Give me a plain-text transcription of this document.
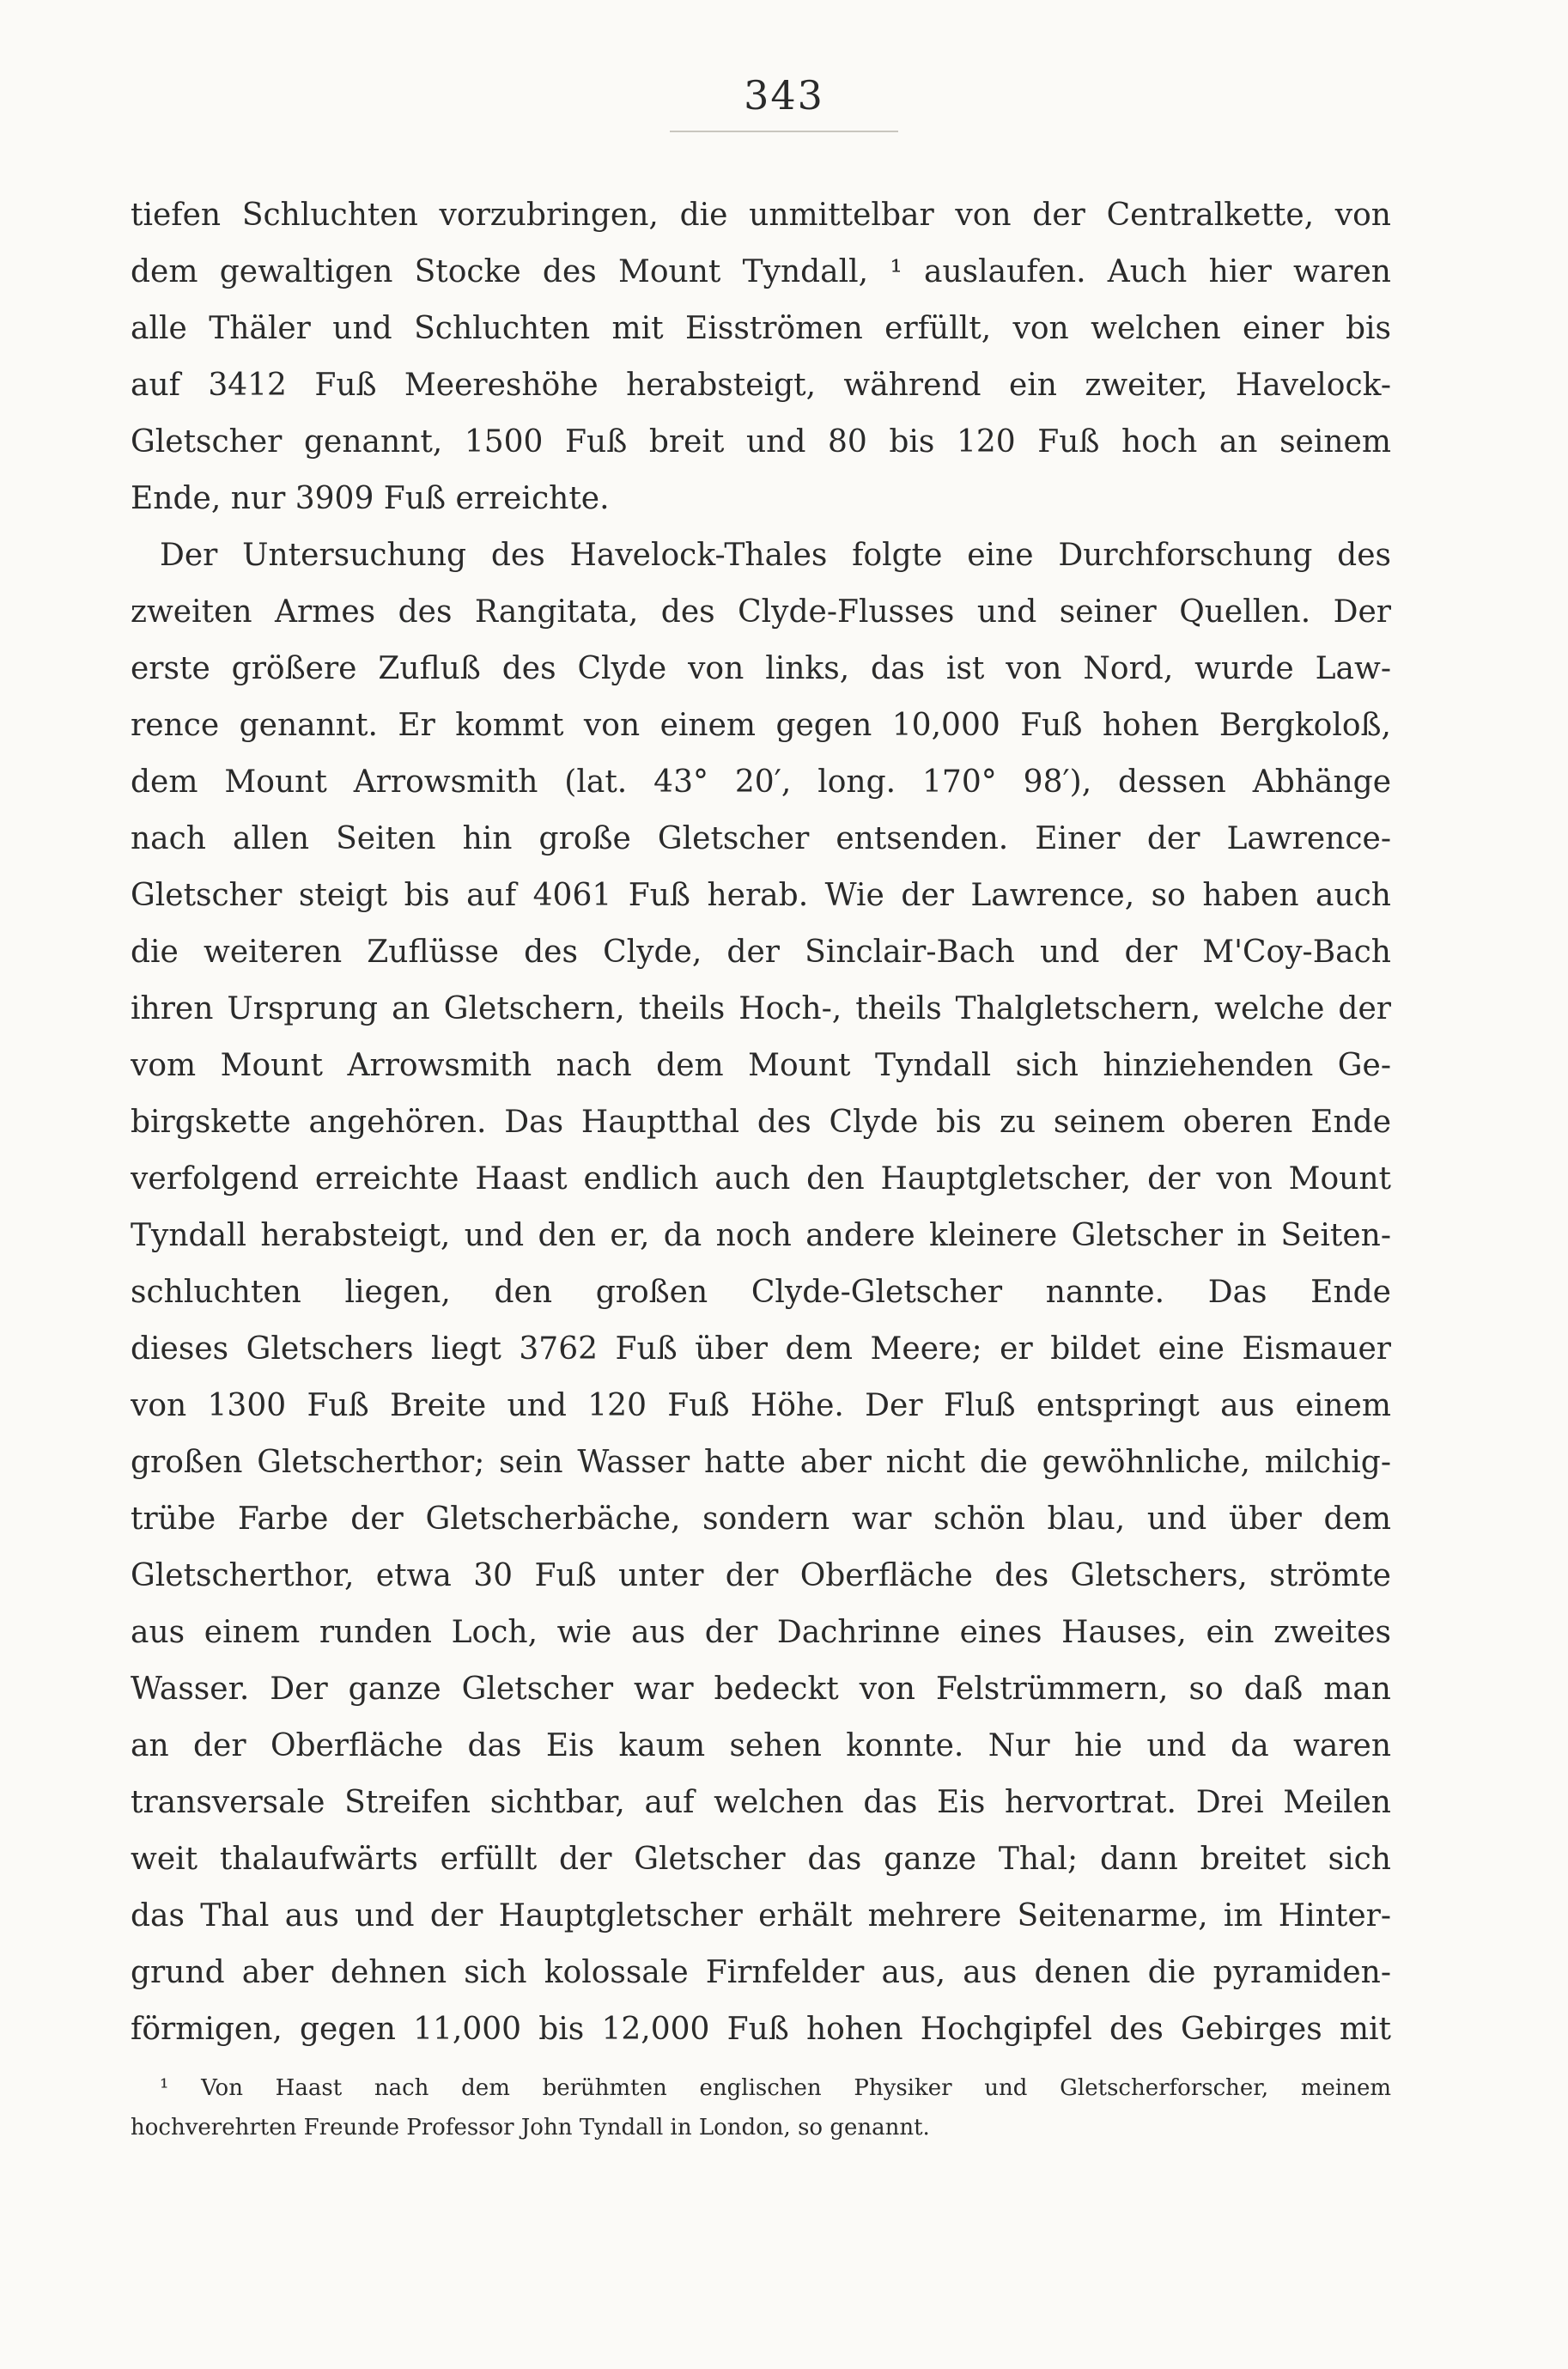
343
tiefen Schluchten vorzubringen, die unmittelbar von der Centralkette, von
dem gewaltigen Stocke des Mount Tyndall, ¹ auslaufen. Auch hier waren
alle Thäler und Schluchten mit Eisströmen erfüllt, von welchen einer bis
auf 3412 Fuß Meereshöhe herabsteigt, während ein zweiter, Havelock-
Gletscher genannt, 1500 Fuß breit und 80 bis 120 Fuß hoch an seinem
Ende, nur 3909 Fuß erreichte.
Der Untersuchung des Havelock-Thales folgte eine Durchforschung des
zweiten Armes des Rangitata, des Clyde-Flusses und seiner Quellen. Der
erste größere Zufluß des Clyde von links, das ist von Nord, wurde Law-
rence genannt. Er kommt von einem gegen 10,000 Fuß hohen Bergkoloß,
dem Mount Arrowsmith (lat. 43° 20′, long. 170° 98′), dessen Abhänge
nach allen Seiten hin große Gletscher entsenden. Einer der Lawrence-
Gletscher steigt bis auf 4061 Fuß herab. Wie der Lawrence, so haben auch
die weiteren Zuflüsse des Clyde, der Sinclair-Bach und der M'Coy-Bach
ihren Ursprung an Gletschern, theils Hoch-, theils Thalgletschern, welche der
vom Mount Arrowsmith nach dem Mount Tyndall sich hinziehenden Ge-
birgskette angehören. Das Hauptthal des Clyde bis zu seinem oberen Ende
verfolgend erreichte Haast endlich auch den Hauptgletscher, der von Mount
Tyndall herabsteigt, und den er, da noch andere kleinere Gletscher in Seiten-
schluchten liegen, den großen Clyde-Gletscher nannte. Das Ende
dieses Gletschers liegt 3762 Fuß über dem Meere; er bildet eine Eismauer
von 1300 Fuß Breite und 120 Fuß Höhe. Der Fluß entspringt aus einem
großen Gletscherthor; sein Wasser hatte aber nicht die gewöhnliche, milchig-
trübe Farbe der Gletscherbäche, sondern war schön blau, und über dem
Gletscherthor, etwa 30 Fuß unter der Oberfläche des Gletschers, strömte
aus einem runden Loch, wie aus der Dachrinne eines Hauses, ein zweites
Wasser. Der ganze Gletscher war bedeckt von Felstrümmern, so daß man
an der Oberfläche das Eis kaum sehen konnte. Nur hie und da waren
transversale Streifen sichtbar, auf welchen das Eis hervortrat. Drei Meilen
weit thalaufwärts erfüllt der Gletscher das ganze Thal; dann breitet sich
das Thal aus und der Hauptgletscher erhält mehrere Seitenarme, im Hinter-
grund aber dehnen sich kolossale Firnfelder aus, aus denen die pyramiden-
förmigen, gegen 11,000 bis 12,000 Fuß hohen Hochgipfel des Gebirges mit
¹ Von Haast nach dem berühmten englischen Physiker und Gletscherforscher, meinem
hochverehrten Freunde Professor John Tyndall in London, so genannt.
